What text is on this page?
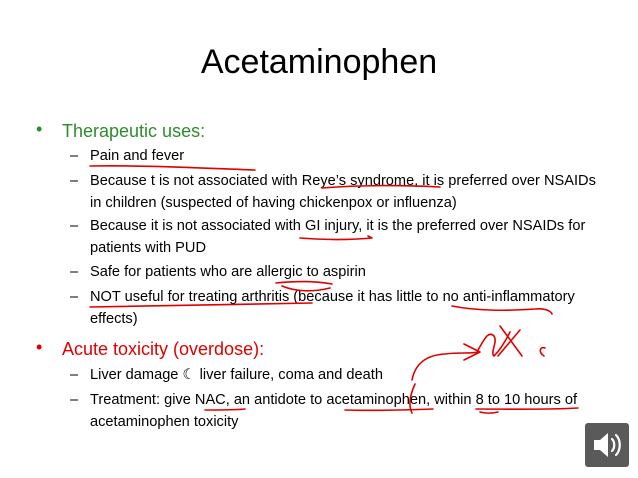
Acetaminophen
• Therapeutic uses:
– Pain and fever
– Because t is not associated with Reye’s syndrome, it is preferred over NSAIDs in children (suspected of having chickenpox or influenza)
– Because it is not associated with GI injury, it is the preferred over NSAIDs for patients with PUD
– Safe for patients who are allergic to aspirin
– NOT useful for treating arthritis (because it has little to no anti-inflammatory effects)
• Acute toxicity (overdose):
– Liver damage ☾ liver failure, coma and death
– Treatment: give NAC, an antidote to acetaminophen, within 8 to 10 hours of acetaminophen toxicity
